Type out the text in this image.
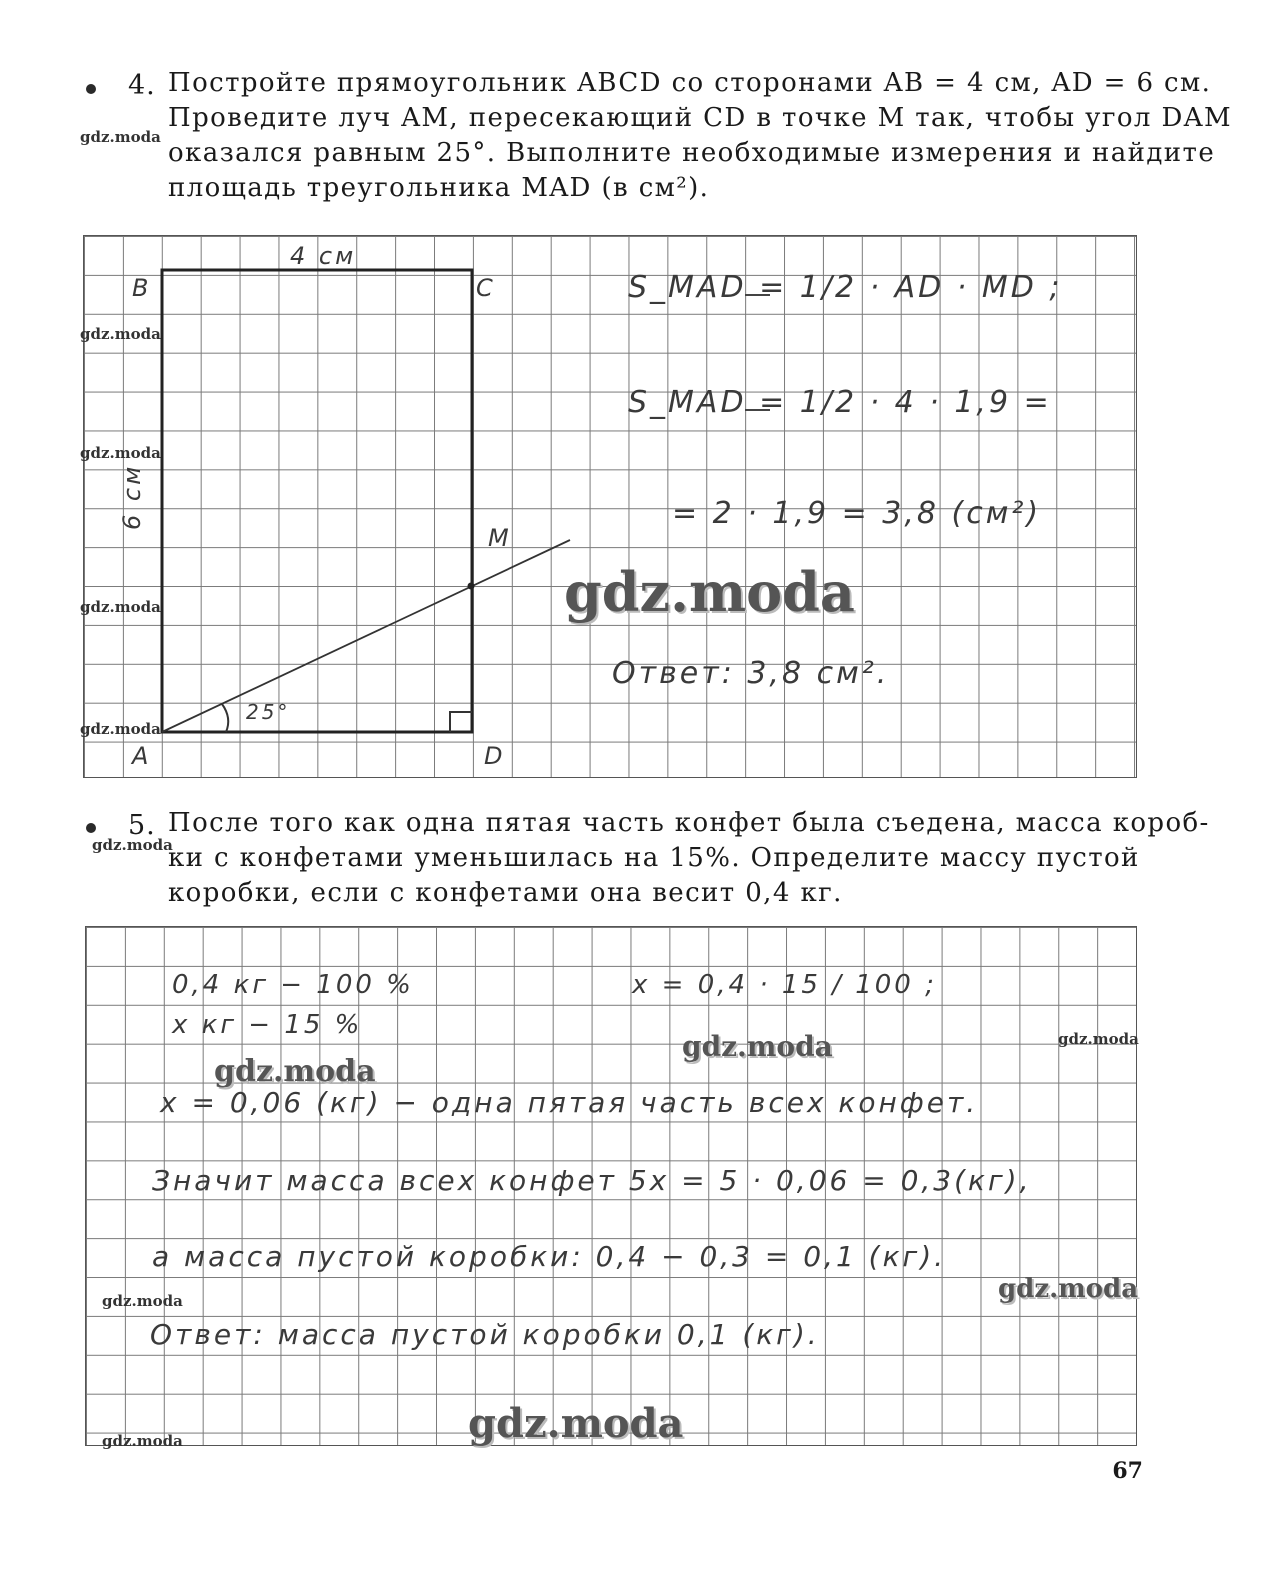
4. Постройте прямоугольник ABCD со сторонами AB = 4 см, AD = 6 см.
Проведите луч AM, пересекающий CD в точке M так, чтобы угол DAM
оказался равным 25°. Выполните необходимые измерения и найдите
площадь треугольника MAD (в см²).
4 см
6 см
B	C
A	D
M
25°
S_MAD = 1/2 · AD · MD ;
S_MAD = 1/2 · 4 · 1,9 =
= 2 · 1,9 = 3,8 (см²)
Ответ: 3,8 см².
5. После того как одна пятая часть конфет была съедена, масса короб-
ки с конфетами уменьшилась на 15%. Определите массу пустой
коробки, если с конфетами она весит 0,4 кг.
0,4 кг − 100 %
x кг − 15 %
x = 0,4 · 15 / 100 ;
x = 0,06 (кг) − одна пятая часть всех конфет.
Значит масса всех конфет 5x = 5 · 0,06 = 0,3(кг),
а масса пустой коробки: 0,4 − 0,3 = 0,1 (кг).
Ответ: масса пустой коробки 0,1 (кг).
gdz.moda
gdz.moda
gdz.moda
gdz.moda
gdz.moda
gdz.moda
gdz.moda
gdz.moda
gdz.moda
gdz.moda
gdz.moda
gdz.moda
gdz.moda
gdz.moda
67
